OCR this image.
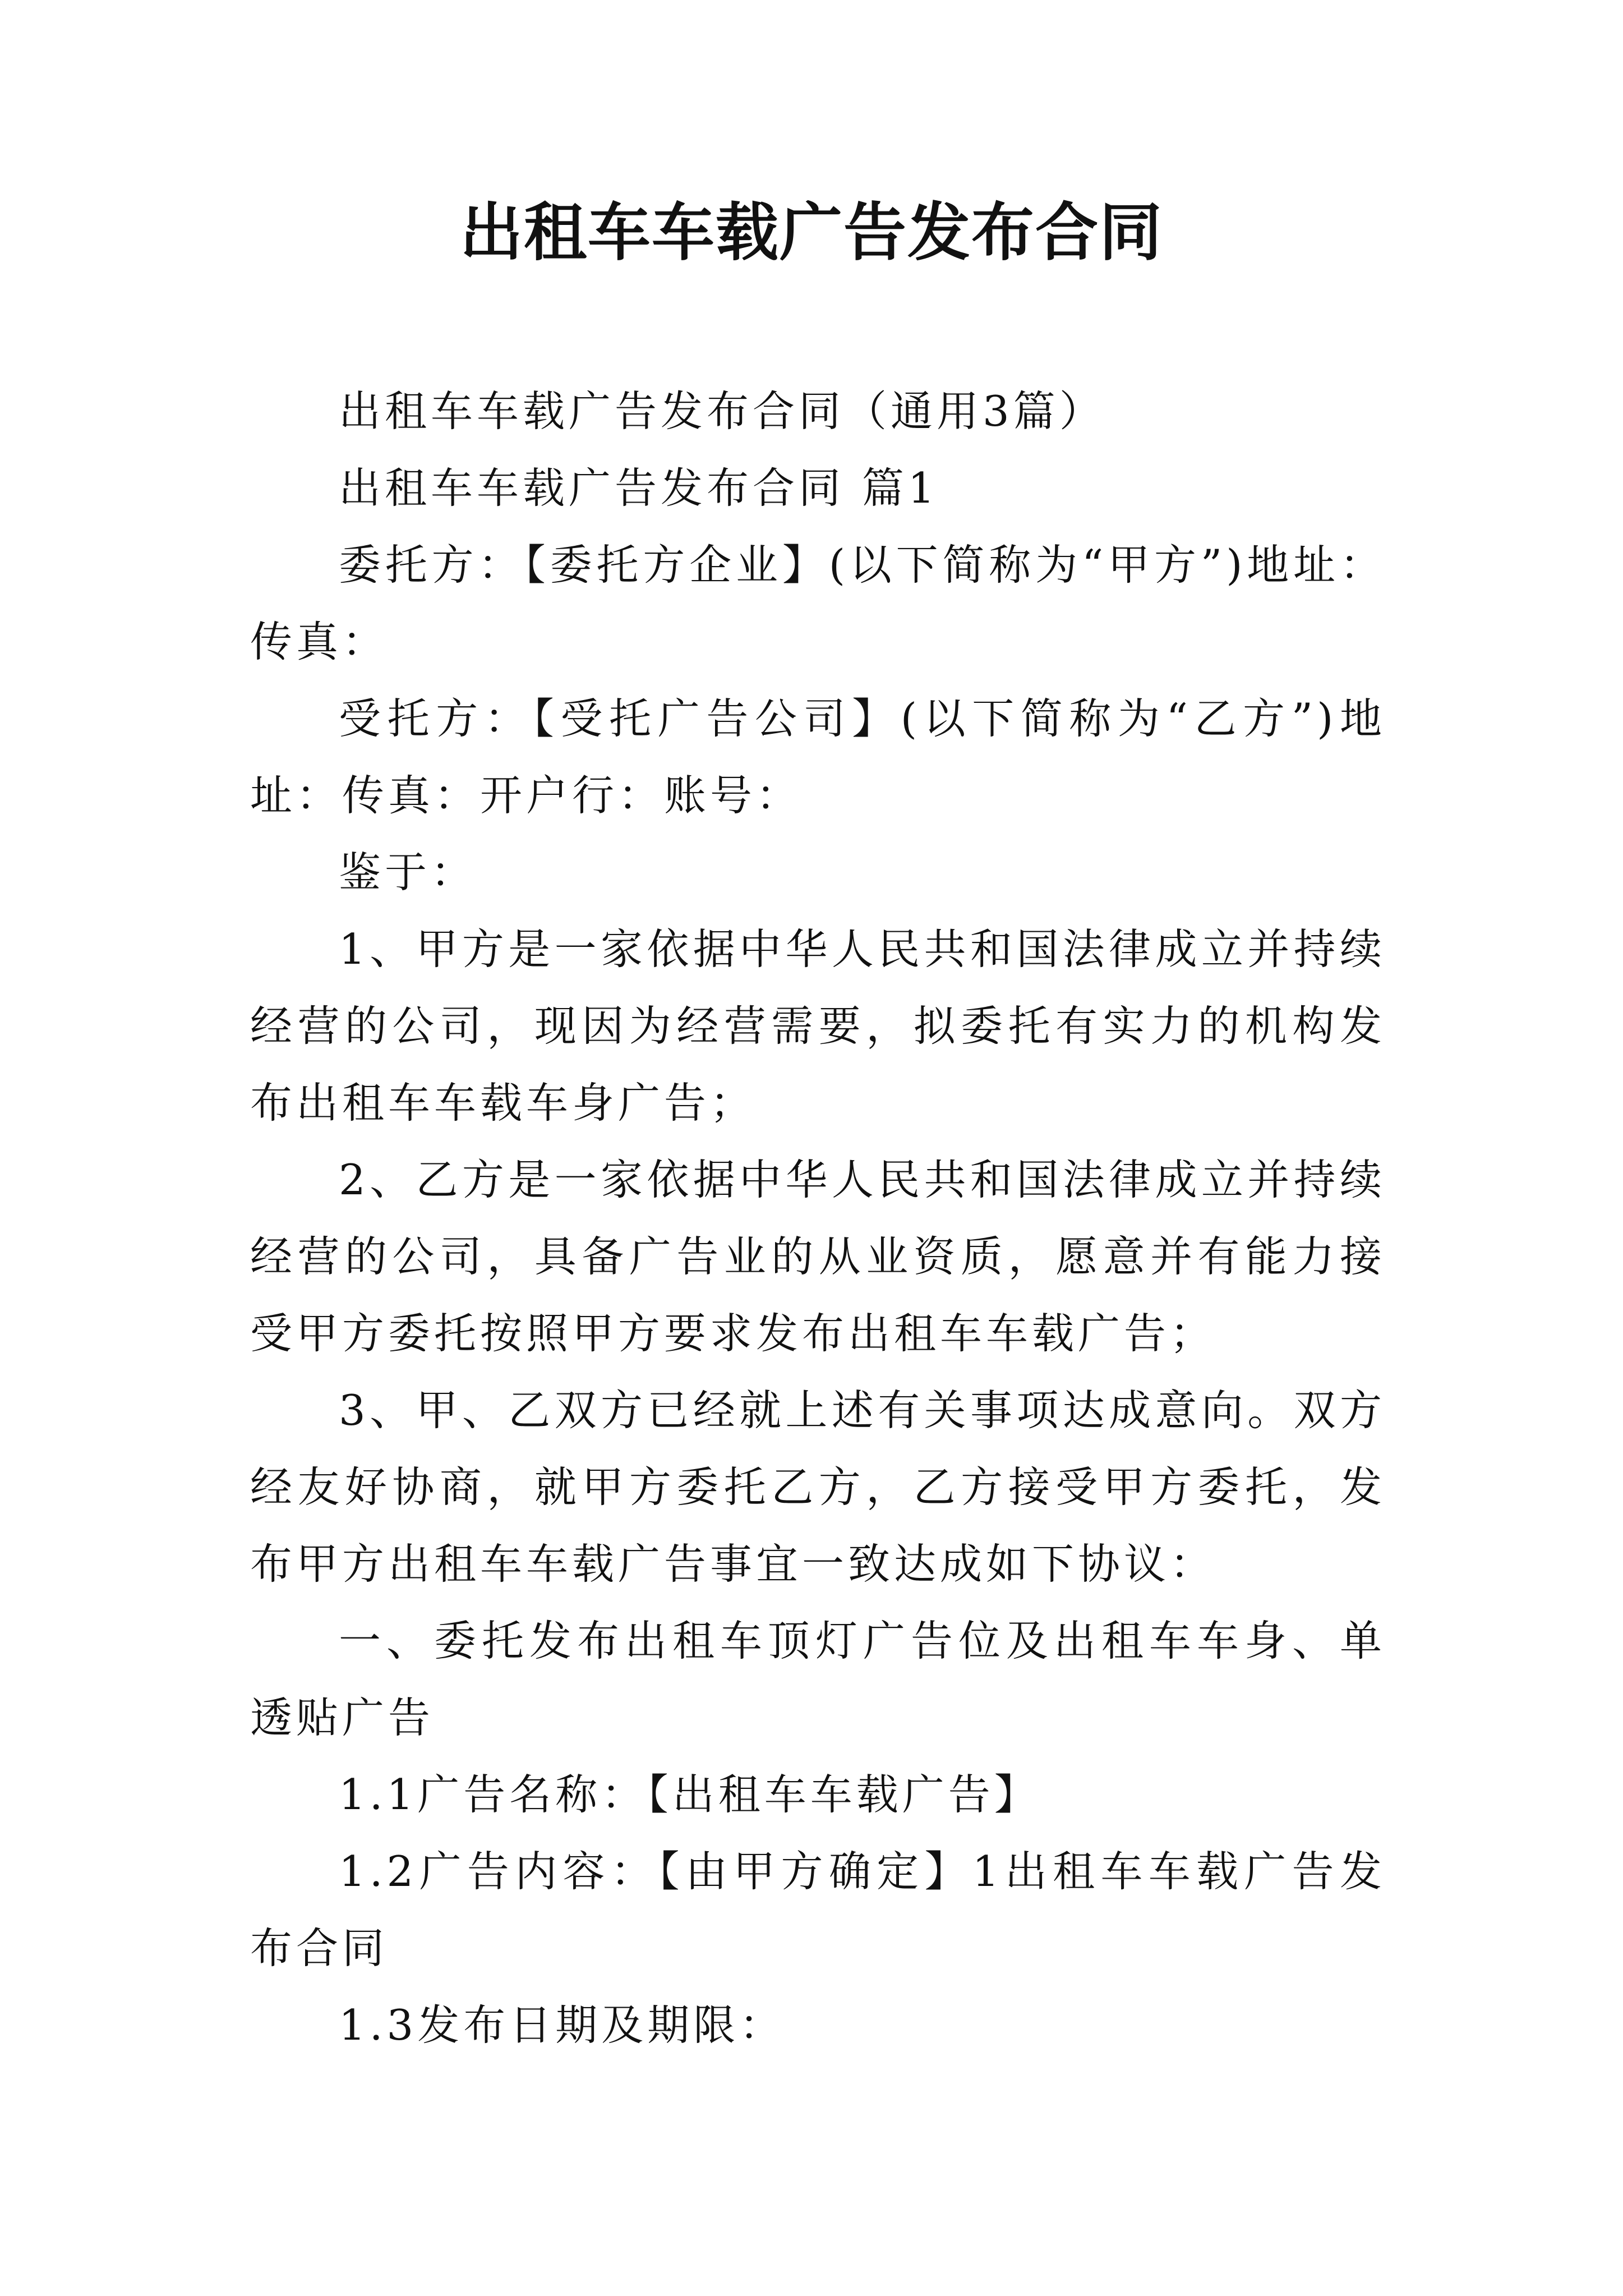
出租车车载广告发布合同

出租车车载广告发布合同（通用3篇）

出租车车载广告发布合同 篇1

委托方：【委托方企业】(以下简称为“甲方”)地址：传真：

受托方：【受托广告公司】(以下简称为“乙方”)地址：传真：开户行：账号：

鉴于：

1、甲方是一家依据中华人民共和国法律成立并持续经营的公司，现因为经营需要，拟委托有实力的机构发布出租车车载车身广告；

2、乙方是一家依据中华人民共和国法律成立并持续经营的公司，具备广告业的从业资质，愿意并有能力接受甲方委托按照甲方要求发布出租车车载广告；

3、甲、乙双方已经就上述有关事项达成意向。双方经友好协商，就甲方委托乙方，乙方接受甲方委托，发布甲方出租车车载广告事宜一致达成如下协议：

一、委托发布出租车顶灯广告位及出租车车身、单透贴广告

1.1广告名称：【出租车车载广告】

1.2广告内容：【由甲方确定】1出租车车载广告发布合同

1.3发布日期及期限：
